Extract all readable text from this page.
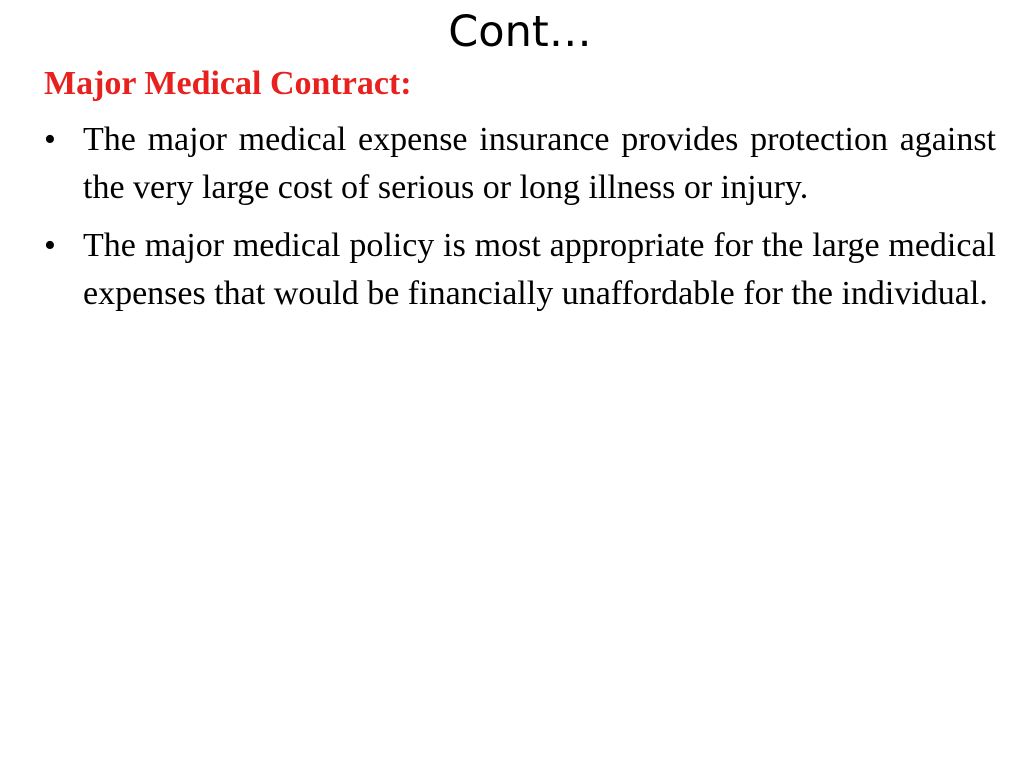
Cont…
Major Medical Contract:
• The major medical expense insurance provides protection against the very large cost of serious or long illness or injury.
• The major medical policy is most appropriate for the large medical expenses that would be financially unaffordable for the individual.
